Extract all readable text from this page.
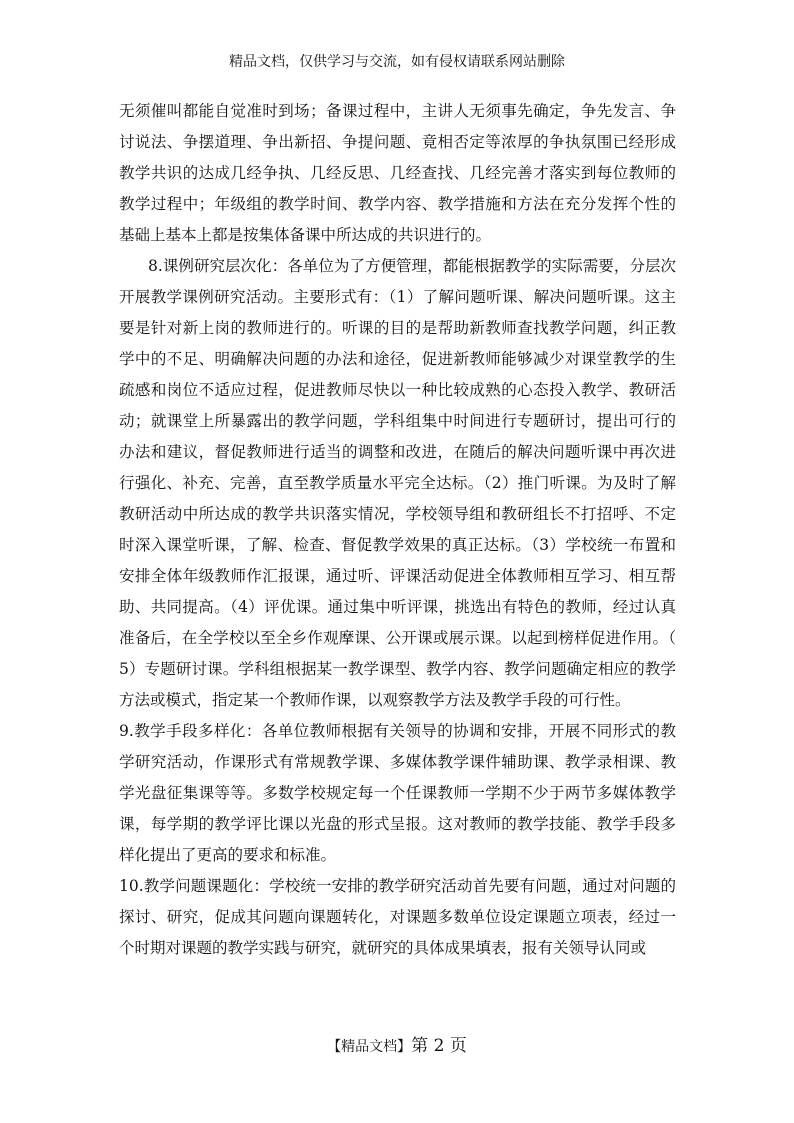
精品文档，仅供学习与交流，如有侵权请联系网站删除

无须催叫都能自觉准时到场；备课过程中，主讲人无须事先确定，争先发言、争讨说法、争摆道理、争出新招、争提问题、竟相否定等浓厚的争执氛围已经形成教学共识的达成几经争执、几经反思、几经查找、几经完善才落实到每位教师的教学过程中；年级组的教学时间、教学内容、教学措施和方法在充分发挥个性的基础上基本上都是按集体备课中所达成的共识进行的。

8.课例研究层次化：各单位为了方便管理，都能根据教学的实际需要，分层次开展教学课例研究活动。主要形式有：（1）了解问题听课、解决问题听课。这主要是针对新上岗的教师进行的。听课的目的是帮助新教师查找教学问题，纠正教学中的不足、明确解决问题的办法和途径，促进新教师能够减少对课堂教学的生疏感和岗位不适应过程，促进教师尽快以一种比较成熟的心态投入教学、教研活动；就课堂上所暴露出的教学问题，学科组集中时间进行专题研讨，提出可行的办法和建议，督促教师进行适当的调整和改进，在随后的解决问题听课中再次进行强化、补充、完善，直至教学质量水平完全达标。（2）推门听课。为及时了解教研活动中所达成的教学共识落实情况，学校领导组和教研组长不打招呼、不定时深入课堂听课，了解、检查、督促教学效果的真正达标。（3）学校统一布置和安排全体年级教师作汇报课，通过听、评课活动促进全体教师相互学习、相互帮助、共同提高。（4）评优课。通过集中听评课，挑选出有特色的教师，经过认真准备后，在全学校以至全乡作观摩课、公开课或展示课。以起到榜样促进作用。（5）专题研讨课。学科组根据某一教学课型、教学内容、教学问题确定相应的教学方法或模式，指定某一个教师作课，以观察教学方法及教学手段的可行性。

9.教学手段多样化：各单位教师根据有关领导的协调和安排，开展不同形式的教学研究活动，作课形式有常规教学课、多媒体教学课件辅助课、教学录相课、教学光盘征集课等等。多数学校规定每一个任课教师一学期不少于两节多媒体教学课，每学期的教学评比课以光盘的形式呈报。这对教师的教学技能、教学手段多样化提出了更高的要求和标准。

10.教学问题课题化：学校统一安排的教学研究活动首先要有问题，通过对问题的探讨、研究，促成其问题向课题转化，对课题多数单位设定课题立项表，经过一个时期对课题的教学实践与研究，就研究的具体成果填表，报有关领导认同或

【精品文档】第 2 页
